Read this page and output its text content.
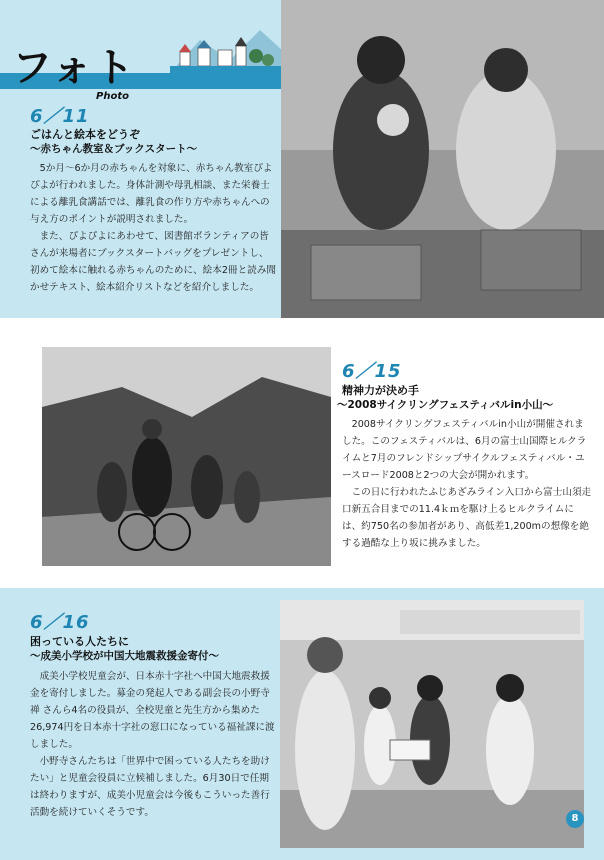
フォト
Photo
6／11
ごはんと絵本をどうぞ
～赤ちゃん教室＆ブックスタート～

5か月～6か月の赤ちゃんを対象に、赤ちゃん教室ぴよぴよが行われました。身体計測や母乳相談、また栄養士による離乳食講話では、離乳食の作り方や赤ちゃんへの与え方のポイントが説明されました。

また、ぴよぴよにあわせて、図書館ボランティアの皆さんが来場者にブックスタートバッグをプレゼントし、初めて絵本に触れる赤ちゃんのために、絵本2冊と読み聞かせテキスト、絵本紹介リストなどを紹介しました。

6／15
精神力が決め手
～2008サイクリングフェスティバルin小山～

2008サイクリングフェスティバルin小山が開催されました。このフェスティバルは、6月の富士山国際ヒルクライムと7月のフレンドシップサイクルフェスティバル・ユースロード2008と2つの大会が開かれます。

この日に行われたふじあざみライン入口から富士山須走口新五合目までの11.4ｋｍを駆け上るヒルクライムには、約750名の参加者があり、高低差1,200mの想像を絶する過酷な上り坂に挑みました。

6／16
困っている人たちに
～成美小学校が中国大地震救援金寄付～

成美小学校児童会が、日本赤十字社へ中国大地震救援金を寄付しました。募金の発起人である副会長の小野寺 禅 さんら4名の役員が、全校児童と先生方から集めた26,974円を日本赤十字社の窓口になっている福祉課に渡しました。

小野寺さんたちは「世界中で困っている人たちを助けたい」と児童会役員に立候補しました。6月30日で任期は終わりますが、成美小児童会は今後もこういった善行活動を続けていくそうです。

8
